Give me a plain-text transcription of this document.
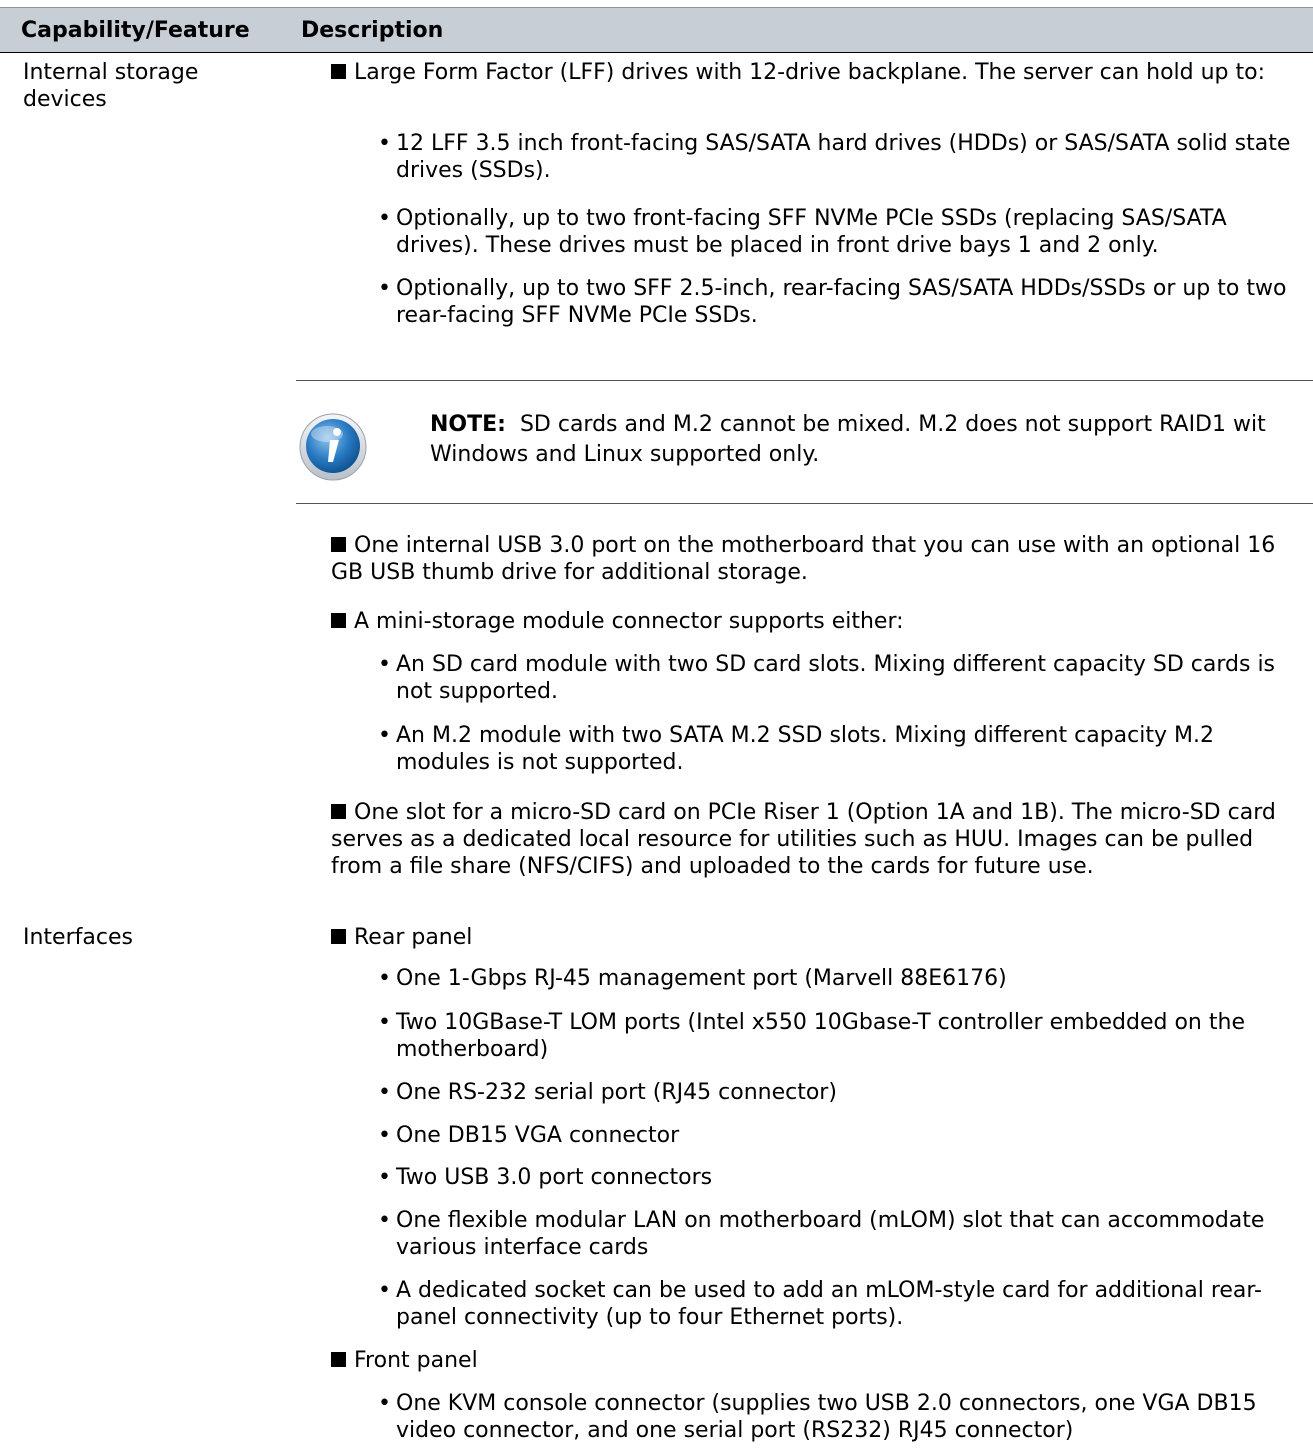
Capability/Feature Description
Internal storage devices
Large Form Factor (LFF) drives with 12-drive backplane. The server can hold up to:
• 12 LFF 3.5 inch front-facing SAS/SATA hard drives (HDDs) or SAS/SATA solid state drives (SSDs).
• Optionally, up to two front-facing SFF NVMe PCIe SSDs (replacing SAS/SATA drives). These drives must be placed in front drive bays 1 and 2 only.
• Optionally, up to two SFF 2.5-inch, rear-facing SAS/SATA HDDs/SSDs or up to two rear-facing SFF NVMe PCIe SSDs.
NOTE: SD cards and M.2 cannot be mixed. M.2 does not support RAID1 wit
Windows and Linux supported only.
One internal USB 3.0 port on the motherboard that you can use with an optional 16 GB USB thumb drive for additional storage.
A mini-storage module connector supports either:
• An SD card module with two SD card slots. Mixing different capacity SD cards is not supported.
• An M.2 module with two SATA M.2 SSD slots. Mixing different capacity M.2 modules is not supported.
One slot for a micro-SD card on PCIe Riser 1 (Option 1A and 1B). The micro-SD card serves as a dedicated local resource for utilities such as HUU. Images can be pulled from a file share (NFS/CIFS) and uploaded to the cards for future use.
Interfaces	Rear panel
• One 1-Gbps RJ-45 management port (Marvell 88E6176)
• Two 10GBase-T LOM ports (Intel x550 10Gbase-T controller embedded on the motherboard)
• One RS-232 serial port (RJ45 connector)
• One DB15 VGA connector
• Two USB 3.0 port connectors
• One flexible modular LAN on motherboard (mLOM) slot that can accommodate various interface cards
• A dedicated socket can be used to add an mLOM-style card for additional rear-panel connectivity (up to four Ethernet ports).
Front panel
• One KVM console connector (supplies two USB 2.0 connectors, one VGA DB15 video connector, and one serial port (RS232) RJ45 connector)
